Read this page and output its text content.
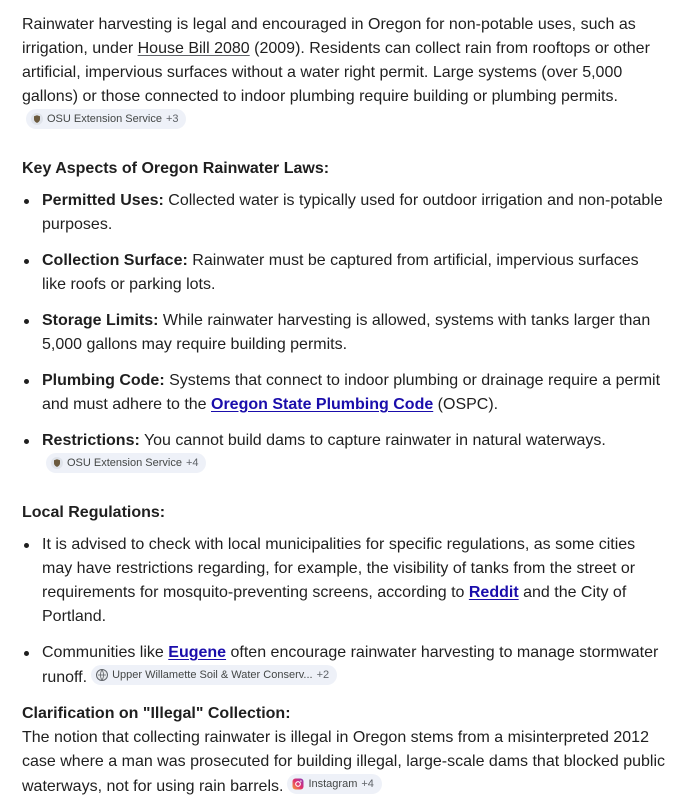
Rainwater harvesting is legal and encouraged in Oregon for non-potable uses, such as irrigation, under House Bill 2080 (2009). Residents can collect rain from rooftops or other artificial, impervious surfaces without a water right permit. Large systems (over 5,000 gallons) or those connected to indoor plumbing require building or plumbing permits.
OSU Extension Service +3

Key Aspects of Oregon Rainwater Laws:

Permitted Uses: Collected water is typically used for outdoor irrigation and non-potable purposes.
Collection Surface: Rainwater must be captured from artificial, impervious surfaces like roofs or parking lots.
Storage Limits: While rainwater harvesting is allowed, systems with tanks larger than 5,000 gallons may require building permits.
Plumbing Code: Systems that connect to indoor plumbing or drainage require a permit and must adhere to the Oregon State Plumbing Code (OSPC).
Restrictions: You cannot build dams to capture rainwater in natural waterways.
OSU Extension Service +4

Local Regulations:

It is advised to check with local municipalities for specific regulations, as some cities may have restrictions regarding, for example, the visibility of tanks from the street or requirements for mosquito-preventing screens, according to Reddit and the City of Portland.
Communities like Eugene often encourage rainwater harvesting to manage stormwater runoff. Upper Willamette Soil & Water Conserv... +2

Clarification on "Illegal" Collection:

The notion that collecting rainwater is illegal in Oregon stems from a misinterpreted 2012 case where a man was prosecuted for building illegal, large-scale dams that blocked public waterways, not for using rain barrels. Instagram +4
